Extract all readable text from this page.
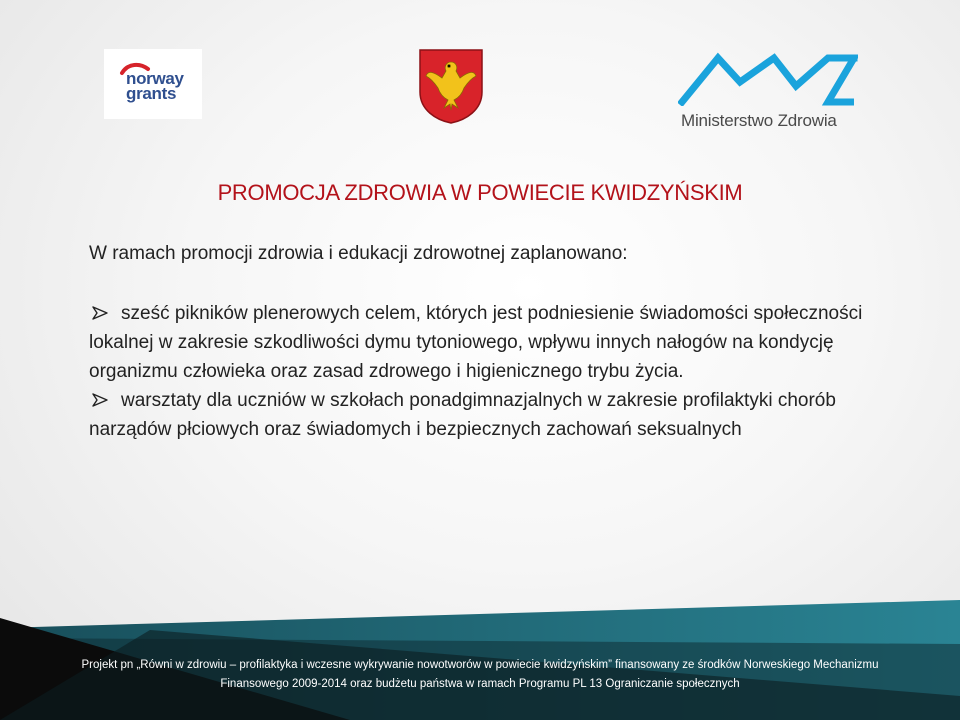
norway
grants
Ministerstwo Zdrowia
PROMOCJA ZDROWIA W POWIECIE KWIDZYŃSKIM
W ramach promocji zdrowia i edukacji zdrowotnej zaplanowano:
sześć pikników plenerowych celem, których jest podniesienie świadomości społeczności lokalnej w zakresie szkodliwości dymu tytoniowego, wpływu innych nałogów na kondycję organizmu człowieka oraz zasad zdrowego i higienicznego trybu życia.
warsztaty dla uczniów w szkołach ponadgimnazjalnych w zakresie profilaktyki chorób narządów płciowych oraz świadomych i bezpiecznych zachowań seksualnych
Projekt pn „Równi w zdrowiu – profilaktyka i wczesne wykrywanie nowotworów w powiecie kwidzyńskim” finansowany ze środków Norweskiego Mechanizmu
Finansowego 2009-2014 oraz budżetu państwa w ramach Programu PL 13 Ograniczanie społecznych
